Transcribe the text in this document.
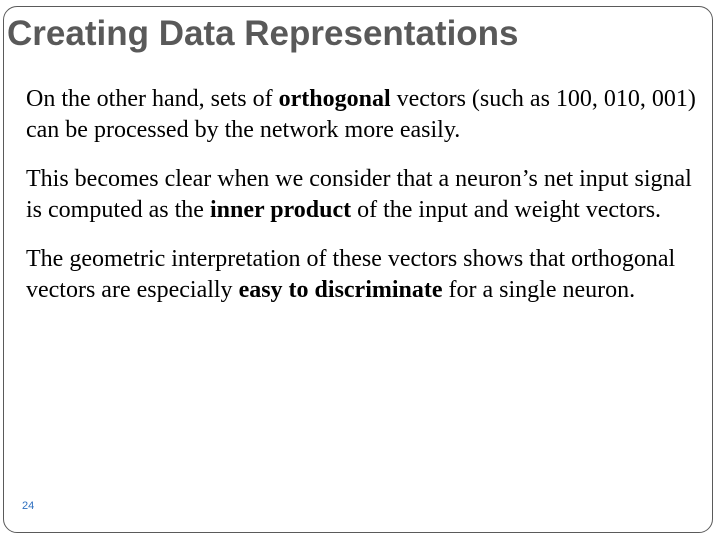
Creating Data Representations

On the other hand, sets of orthogonal vectors (such as 100, 010, 001) can be processed by the network more easily.

This becomes clear when we consider that a neuron’s net input signal is computed as the inner product of the input and weight vectors.

The geometric interpretation of these vectors shows that orthogonal vectors are especially easy to discriminate for a single neuron.

24
